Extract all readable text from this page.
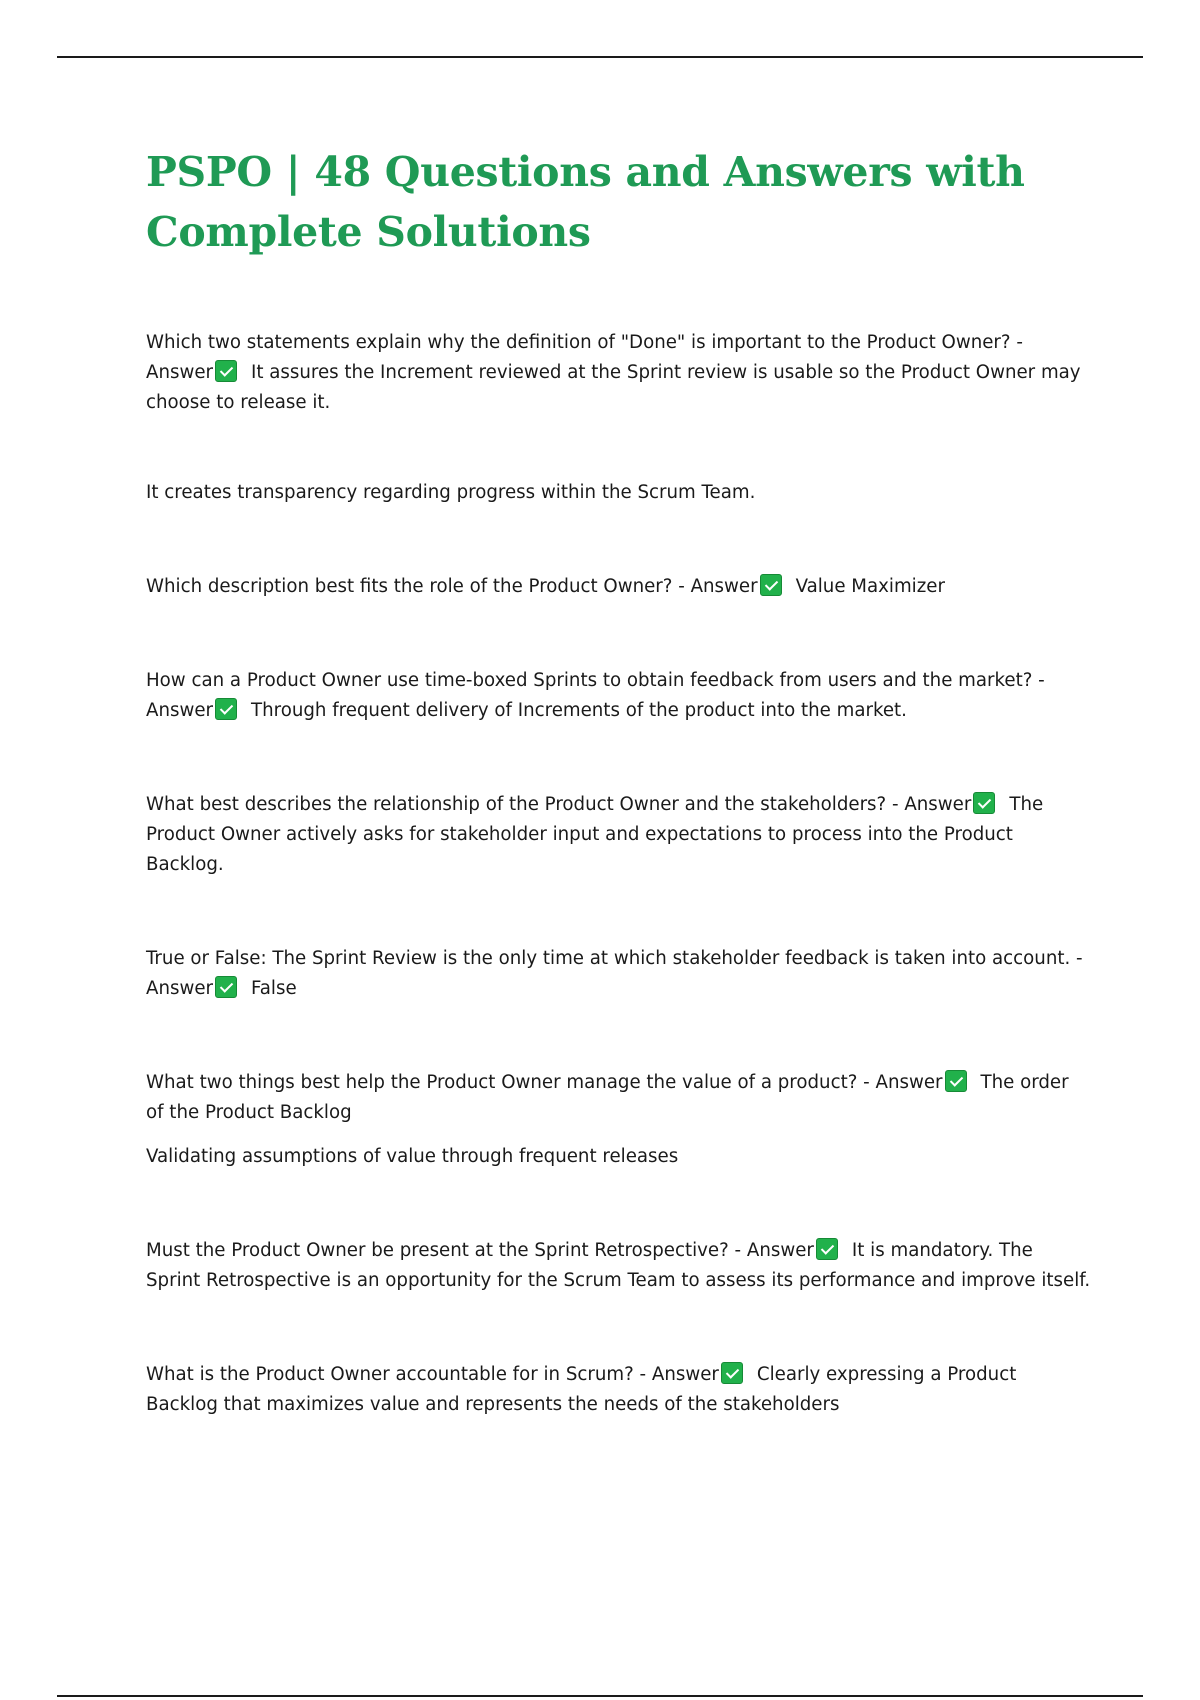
PSPO | 48 Questions and Answers with Complete Solutions

Which two statements explain why the definition of "Done" is important to the Product Owner? - Answer It assures the Increment reviewed at the Sprint review is usable so the Product Owner may choose to release it.

It creates transparency regarding progress within the Scrum Team.

Which description best fits the role of the Product Owner? - Answer Value Maximizer

How can a Product Owner use time-boxed Sprints to obtain feedback from users and the market? - Answer Through frequent delivery of Increments of the product into the market.

What best describes the relationship of the Product Owner and the stakeholders? - Answer The Product Owner actively asks for stakeholder input and expectations to process into the Product Backlog.

True or False: The Sprint Review is the only time at which stakeholder feedback is taken into account. - Answer False

What two things best help the Product Owner manage the value of a product? - Answer The order of the Product Backlog

Validating assumptions of value through frequent releases

Must the Product Owner be present at the Sprint Retrospective? - Answer It is mandatory. The Sprint Retrospective is an opportunity for the Scrum Team to assess its performance and improve itself.

What is the Product Owner accountable for in Scrum? - Answer Clearly expressing a Product Backlog that maximizes value and represents the needs of the stakeholders
